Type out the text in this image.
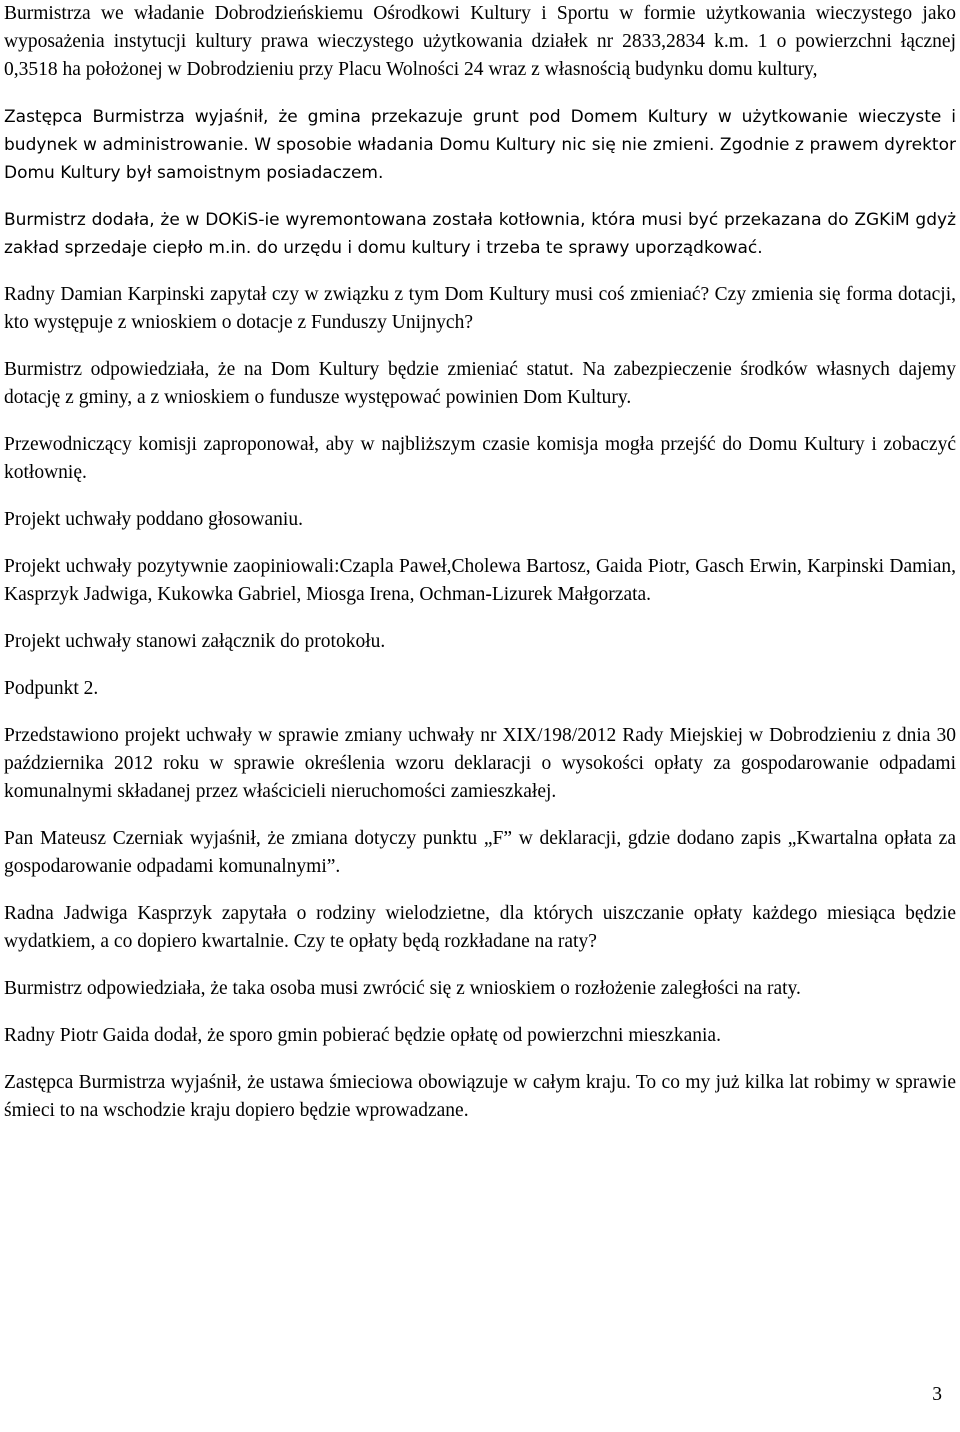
Burmistrza we władanie Dobrodzieńskiemu Ośrodkowi Kultury i Sportu w formie użytkowania wieczystego jako wyposażenia instytucji kultury prawa wieczystego użytkowania działek nr 2833,2834 k.m. 1 o powierzchni łącznej 0,3518 ha położonej w Dobrodzieniu przy Placu Wolności 24 wraz z własnością budynku domu kultury,

Zastępca Burmistrza wyjaśnił, że gmina przekazuje grunt pod Domem Kultury w użytkowanie wieczyste i budynek w administrowanie. W sposobie władania Domu Kultury nic się nie zmieni. Zgodnie z prawem dyrektor Domu Kultury był samoistnym posiadaczem.

Burmistrz dodała, że w DOKiS-ie wyremontowana została kotłownia, która musi być przekazana do ZGKiM gdyż zakład sprzedaje ciepło m.in. do urzędu i domu kultury i trzeba te sprawy uporządkować.

Radny Damian Karpinski zapytał czy w związku z tym Dom Kultury musi coś zmieniać? Czy zmienia się forma dotacji, kto występuje z wnioskiem o dotacje z Funduszy Unijnych?

Burmistrz odpowiedziała, że na Dom Kultury będzie zmieniać statut. Na zabezpieczenie środków własnych dajemy dotację z gminy, a z wnioskiem o fundusze występować powinien Dom Kultury.

Przewodniczący komisji zaproponował, aby w najbliższym czasie komisja mogła przejść do Domu Kultury i zobaczyć kotłownię.

Projekt uchwały poddano głosowaniu.

Projekt uchwały pozytywnie zaopiniowali:Czapla Paweł,Cholewa Bartosz, Gaida Piotr, Gasch Erwin, Karpinski Damian, Kasprzyk Jadwiga, Kukowka Gabriel, Miosga Irena, Ochman-Lizurek Małgorzata.

Projekt uchwały stanowi załącznik do protokołu.

Podpunkt 2.

Przedstawiono projekt uchwały w sprawie zmiany uchwały nr XIX/198/2012 Rady Miejskiej w Dobrodzieniu z dnia 30 października 2012 roku w sprawie określenia wzoru deklaracji o wysokości opłaty za gospodarowanie odpadami komunalnymi składanej przez właścicieli nieruchomości zamieszkałej.

Pan Mateusz Czerniak wyjaśnił, że zmiana dotyczy punktu „F” w deklaracji, gdzie dodano zapis „Kwartalna opłata za gospodarowanie odpadami komunalnymi”.

Radna Jadwiga Kasprzyk zapytała o rodziny wielodzietne, dla których uiszczanie opłaty każdego miesiąca będzie wydatkiem, a co dopiero kwartalnie. Czy te opłaty będą rozkładane na raty?

Burmistrz odpowiedziała, że taka osoba musi zwrócić się z wnioskiem o rozłożenie zaległości na raty.

Radny Piotr Gaida dodał, że sporo gmin pobierać będzie opłatę od powierzchni mieszkania.

Zastępca Burmistrza wyjaśnił, że ustawa śmieciowa obowiązuje w całym kraju. To co my już kilka lat robimy w sprawie śmieci to na wschodzie kraju dopiero będzie wprowadzane.

3
